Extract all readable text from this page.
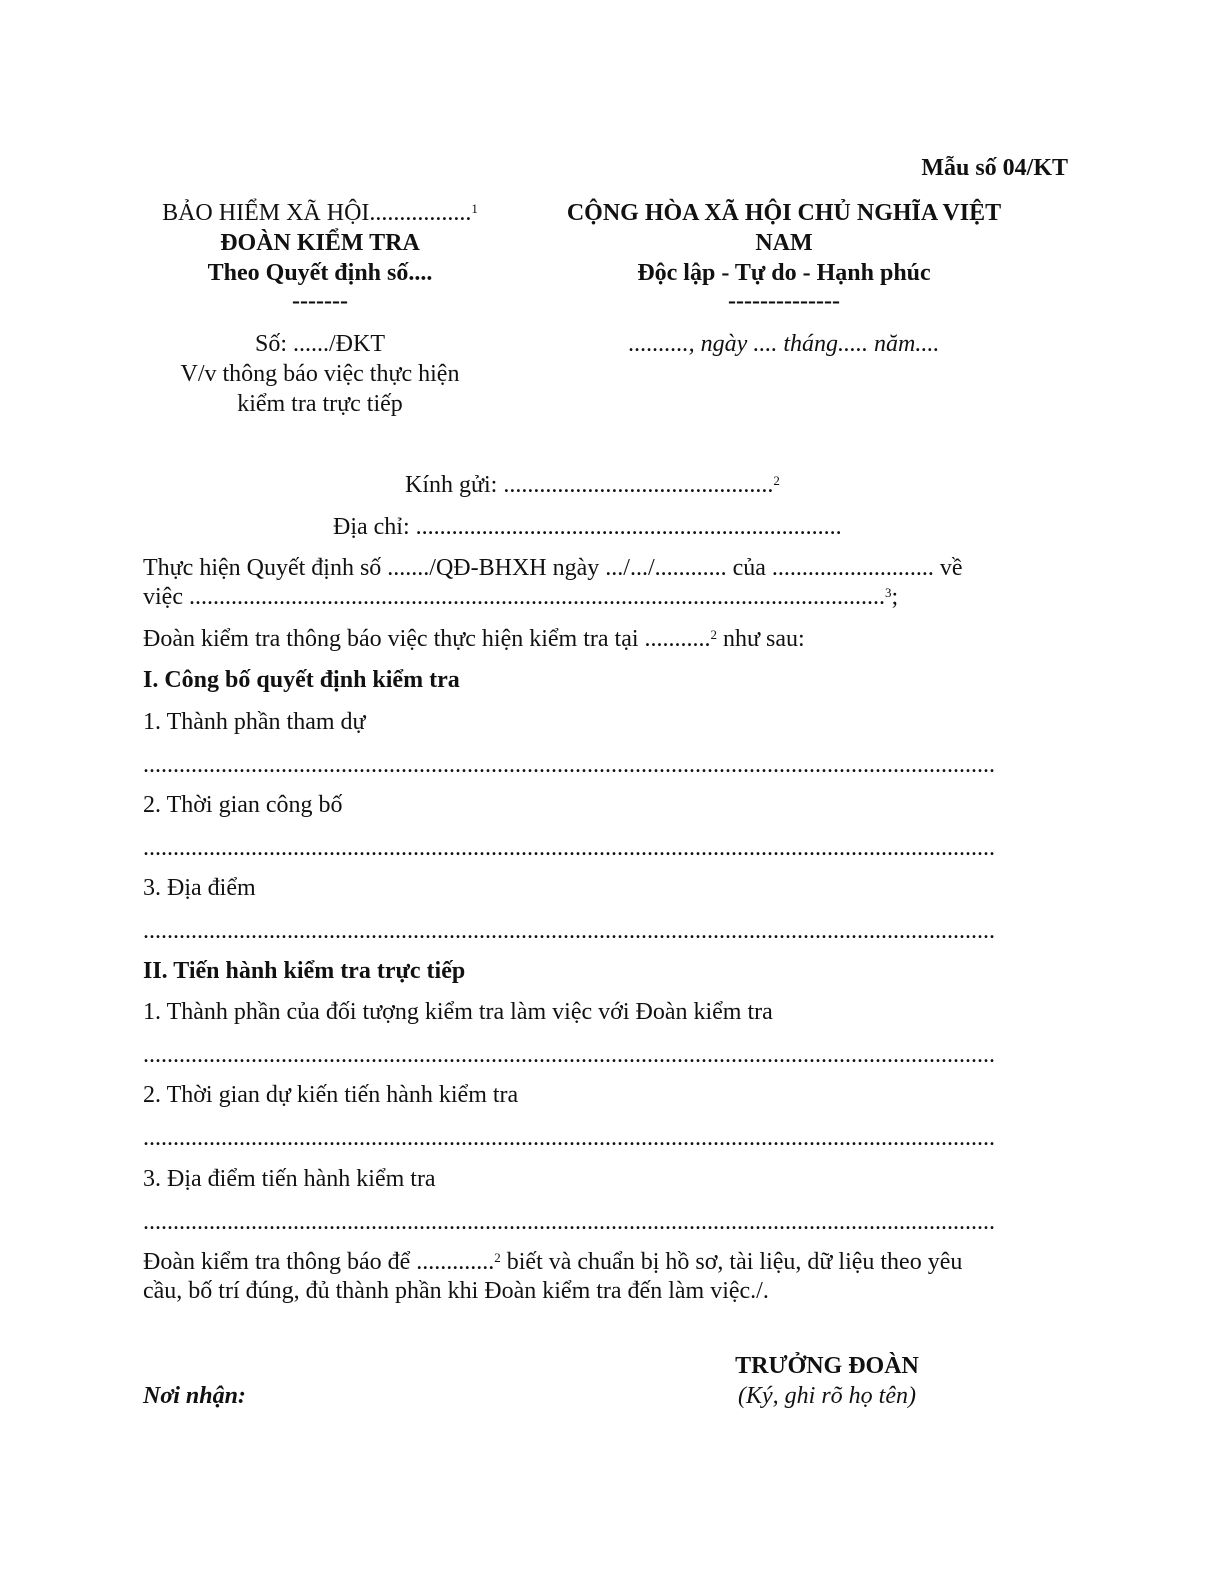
Mẫu số 04/KT
BẢO HIỂM XÃ HỘI.................$^1$
ĐOÀN KIỂM TRA
Theo Quyết định số....
-------
Số: ....../ĐKT
V/v thông báo việc thực hiện
kiểm tra trực tiếp
CỘNG HÒA XÃ HỘI CHỦ NGHĨA VIỆT
NAM
Độc lập - Tự do - Hạnh phúc
--------------
.........., ngày .... tháng..... năm....
Kính gửi: .............................................$^2$
Địa chỉ: .......................................................................
Thực hiện Quyết định số ......./QĐ-BHXH ngày .../.../............ của ........................... về
việc ....................................................................................................................$^3$;
Đoàn kiểm tra thông báo việc thực hiện kiểm tra tại ...........$^2$ như sau:
I. Công bố quyết định kiểm tra
1. Thành phần tham dự
..............................................................................................................................................
2. Thời gian công bố
..............................................................................................................................................
3. Địa điểm
..............................................................................................................................................
II. Tiến hành kiểm tra trực tiếp
1. Thành phần của đối tượng kiểm tra làm việc với Đoàn kiểm tra
..............................................................................................................................................
2. Thời gian dự kiến tiến hành kiểm tra
..............................................................................................................................................
3. Địa điểm tiến hành kiểm tra
..............................................................................................................................................
Đoàn kiểm tra thông báo để .............$^2$ biết và chuẩn bị hồ sơ, tài liệu, dữ liệu theo yêu
cầu, bố trí đúng, đủ thành phần khi Đoàn kiểm tra đến làm việc./.
TRƯỞNG ĐOÀN
(Ký, ghi rõ họ tên)
Nơi nhận:
